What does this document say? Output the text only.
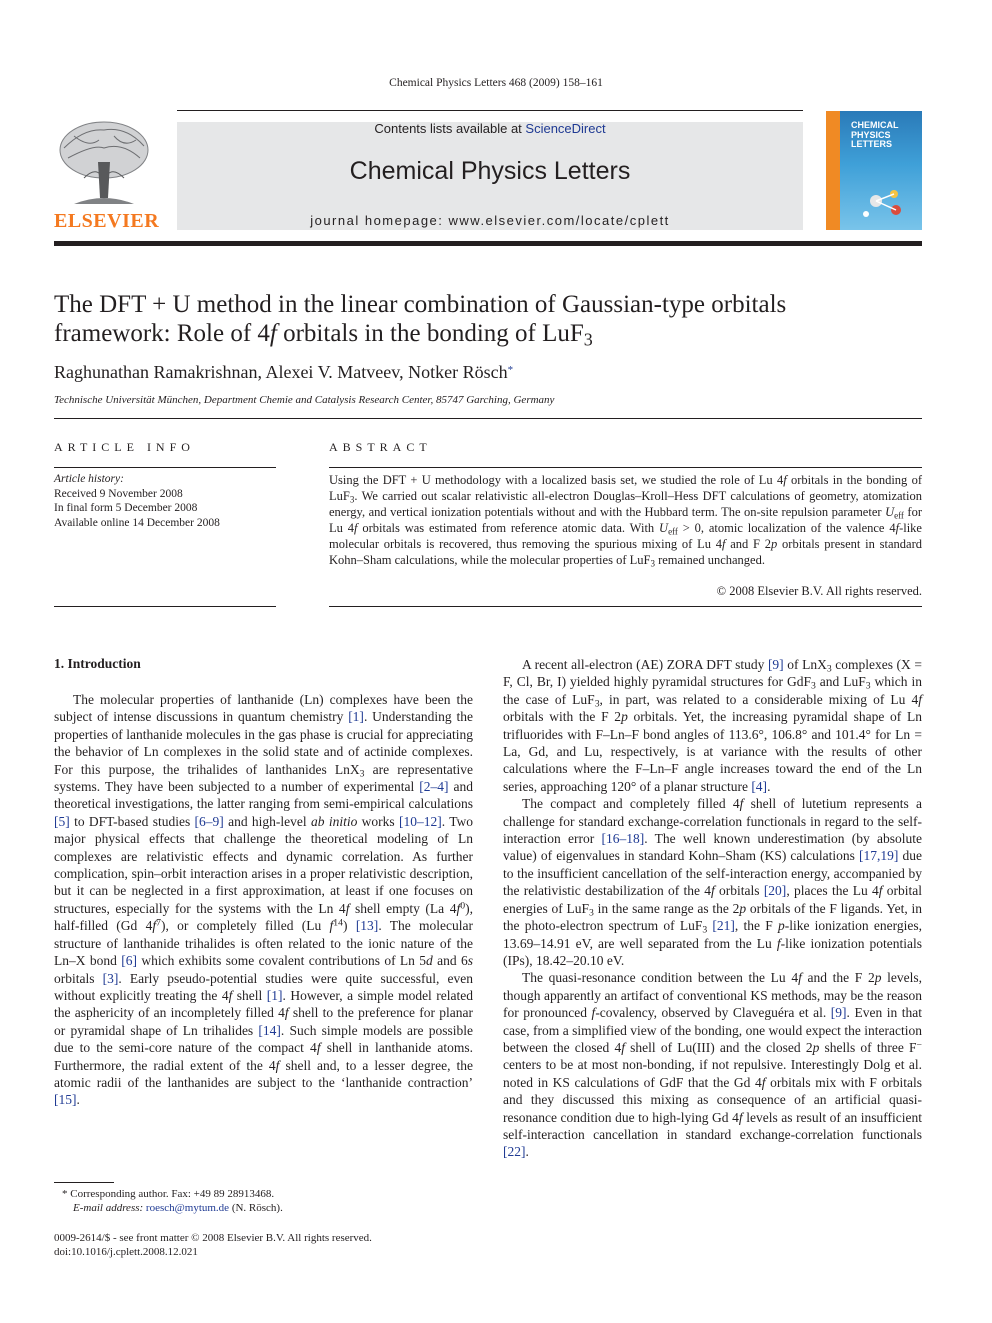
Chemical Physics Letters 468 (2009) 158–161
ELSEVIER
Contents lists available at ScienceDirect
Chemical Physics Letters
journal homepage: www.elsevier.com/locate/cplett
CHEMICAL
PHYSICS
LETTERS
The DFT + U method in the linear combination of Gaussian-type orbitals
framework: Role of 4f orbitals in the bonding of LuF$_3$
Raghunathan Ramakrishnan, Alexei V. Matveev, Notker Rösch*
Technische Universität München, Department Chemie and Catalysis Research Center, 85747 Garching, Germany
ARTICLE INFO
Article history:
Received 9 November 2008
In final form 5 December 2008
Available online 14 December 2008
ABSTRACT
Using the DFT + U methodology with a localized basis set, we studied the role of Lu 4f orbitals in the bonding of LuF$_3$. We carried out scalar relativistic all-electron Douglas–Kroll–Hess DFT calculations of geometry, atomization energy, and vertical ionization potentials without and with the Hubbard term. The on-site repulsion parameter $U_{eff}$ for Lu 4f orbitals was estimated from reference atomic data. With $U_{eff} > 0$, atomic localization of the valence 4f-like molecular orbitals is recovered, thus removing the spurious mixing of Lu 4f and F 2p orbitals present in standard Kohn–Sham calculations, while the molecular properties of LuF$_3$ remained unchanged.
© 2008 Elsevier B.V. All rights reserved.
1. Introduction

The molecular properties of lanthanide (Ln) complexes have been the subject of intense discussions in quantum chemistry [1]. Understanding the properties of lanthanide molecules in the gas phase is crucial for appreciating the behavior of Ln complexes in the solid state and of actinide complexes. For this purpose, the trihalides of lanthanides LnX$_3$ are representative systems. They have been subjected to a number of experimental [2–4] and theoretical investigations, the latter ranging from semi-empirical calculations [5] to DFT-based studies [6–9] and high-level ab initio works [10–12]. Two major physical effects that challenge the theoretical modeling of Ln complexes are relativistic effects and dynamic correlation. As further complication, spin–orbit interaction arises in a proper relativistic description, but it can be neglected in a first approximation, at least if one focuses on structures, especially for the systems with the Ln 4f shell empty (La $4f^0$), half-filled (Gd $4f^7$), or completely filled (Lu $f^{14}$) [13]. The molecular structure of lanthanide trihalides is often related to the ionic nature of the Ln–X bond [6] which exhibits some covalent contributions of Ln 5d and 6s orbitals [3]. Early pseudo-potential studies were quite successful, even without explicitly treating the 4f shell [1]. However, a simple model related the asphericity of an incompletely filled 4f shell to the preference for planar or pyramidal shape of Ln trihalides [14]. Such simple models are possible due to the semi-core nature of the compact 4f shell in lanthanide atoms. Furthermore, the radial extent of the 4f shell and, to a lesser degree, the atomic radii of the lanthanides are subject to the ‘lanthanide contraction’ [15].

A recent all-electron (AE) ZORA DFT study [9] of LnX$_3$ complexes (X = F, Cl, Br, I) yielded highly pyramidal structures for GdF$_3$ and LuF$_3$ which in the case of LuF$_3$, in part, was related to a considerable mixing of Lu 4f orbitals with the F 2p orbitals. Yet, the increasing pyramidal shape of Ln trifluorides with F–Ln–F bond angles of 113.6°, 106.8° and 101.4° for Ln = La, Gd, and Lu, respectively, is at variance with the results of other calculations where the F–Ln–F angle increases toward the end of the Ln series, approaching 120° of a planar structure [4].

The compact and completely filled 4f shell of lutetium represents a challenge for standard exchange-correlation functionals in regard to the self-interaction error [16–18]. The well known underestimation (by absolute value) of eigenvalues in standard Kohn–Sham (KS) calculations [17,19] due to the insufficient cancellation of the self-interaction energy, accompanied by the relativistic destabilization of the 4f orbitals [20], places the Lu 4f orbital energies of LuF$_3$ in the same range as the 2p orbitals of the F ligands. Yet, in the photo-electron spectrum of LuF$_3$ [21], the F p-like ionization energies, 13.69–14.91 eV, are well separated from the Lu f-like ionization potentials (IPs), 18.42–20.10 eV.

The quasi-resonance condition between the Lu 4f and the F 2p levels, though apparently an artifact of conventional KS methods, may be the reason for pronounced f-covalency, observed by Claveguéra et al. [9]. Even in that case, from a simplified view of the bonding, one would expect the interaction between the closed 4f shell of Lu(III) and the closed 2p shells of three F− centers to be at most non-bonding, if not repulsive. Interestingly Dolg et al. noted in KS calculations of GdF that the Gd 4f orbitals mix with F orbitals and they discussed this mixing as consequence of an artificial quasi-resonance condition due to high-lying Gd 4f levels as result of an insufficient self-interaction cancellation in standard exchange-correlation functionals [22].

* Corresponding author. Fax: +49 89 28913468.
E-mail address: roesch@mytum.de (N. Rösch).
0009-2614/$ - see front matter © 2008 Elsevier B.V. All rights reserved.
doi:10.1016/j.cplett.2008.12.021
